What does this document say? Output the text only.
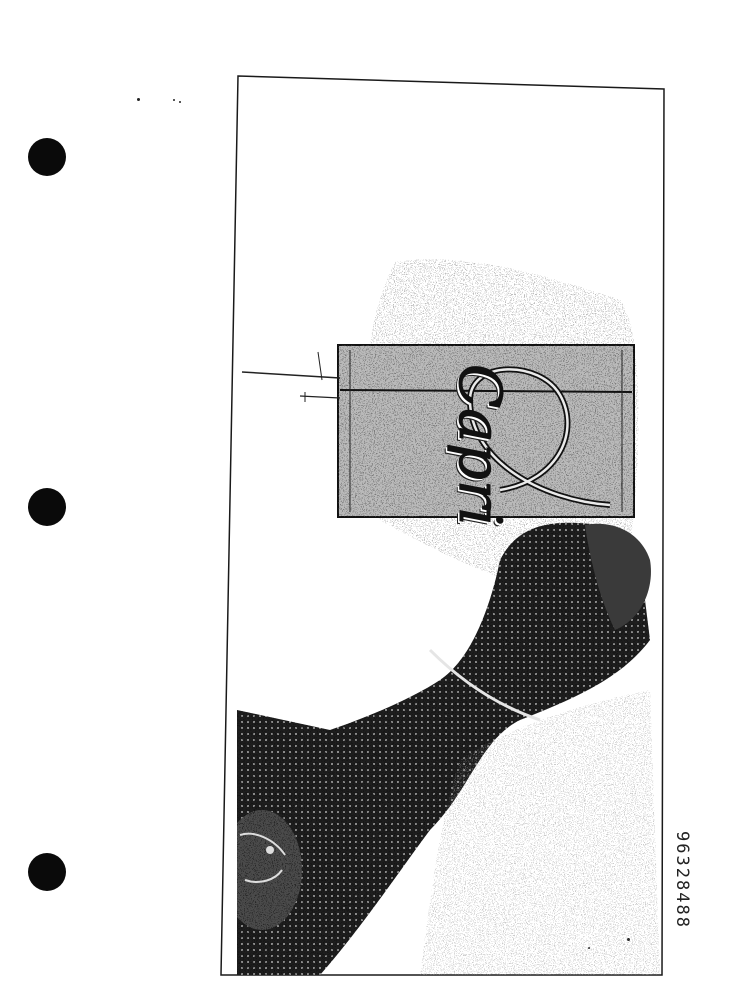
Capri
96328488
